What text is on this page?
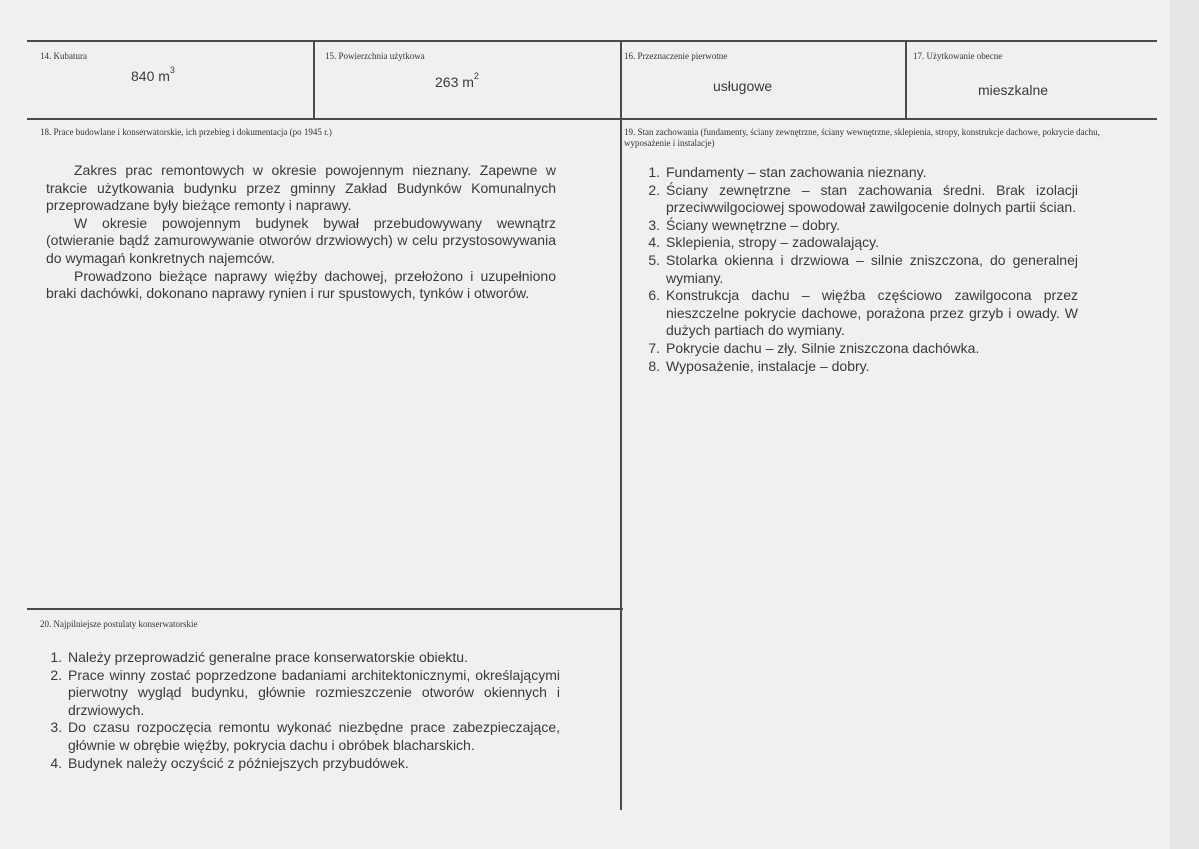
14. Kubatura
840 $m^3$
15. Powierzchnia użytkowa
263 $m^2$
16. Przeznaczenie pierwotne
usługowe
17. Użytkowanie obecne
mieszkalne
18. Prace budowlane i konserwatorskie, ich przebieg i dokumentacja (po 1945 r.)

Zakres prac remontowych w okresie powojennym nieznany. Zapewne w trakcie użytkowania budynku przez gminny Zakład Budynków Komunalnych przeprowadzane były bieżące remonty i naprawy.

W okresie powojennym budynek bywał przebudowywany wewnątrz (otwieranie bądź zamurowywanie otworów drzwiowych) w celu przystosowywania do wymagań konkretnych najemców.

Prowadzono bieżące naprawy więźby dachowej, przełożono i uzupełniono braki dachówki, dokonano naprawy rynien i rur spustowych, tynków i otworów.

19. Stan zachowania (fundamenty, ściany zewnętrzne, ściany wewnętrzne, sklepienia, stropy, konstrukcje dachowe, pokrycie dachu, wyposażenie i instalacje)
1. Fundamenty – stan zachowania nieznany.
2. Ściany zewnętrzne – stan zachowania średni. Brak izolacji przeciwwilgociowej spowodował zawilgocenie dolnych partii ścian.
3. Ściany wewnętrzne – dobry.
4. Sklepienia, stropy – zadowalający.
5. Stolarka okienna i drzwiowa – silnie zniszczona, do generalnej wymiany.
6. Konstrukcja dachu – więźba częściowo zawilgocona przez nieszczelne pokrycie dachowe, porażona przez grzyb i owady. W dużych partiach do wymiany.
7. Pokrycie dachu – zły. Silnie zniszczona dachówka.
8. Wyposażenie, instalacje – dobry.
20. Najpilniejsze postulaty konserwatorskie
1. Należy przeprowadzić generalne prace konserwatorskie obiektu.
2. Prace winny zostać poprzedzone badaniami architektonicznymi, określającymi pierwotny wygląd budynku, głównie rozmieszczenie otworów okiennych i drzwiowych.
3. Do czasu rozpoczęcia remontu wykonać niezbędne prace zabezpieczające, głównie w obrębie więźby, pokrycia dachu i obróbek blacharskich.
4. Budynek należy oczyścić z późniejszych przybudówek.
